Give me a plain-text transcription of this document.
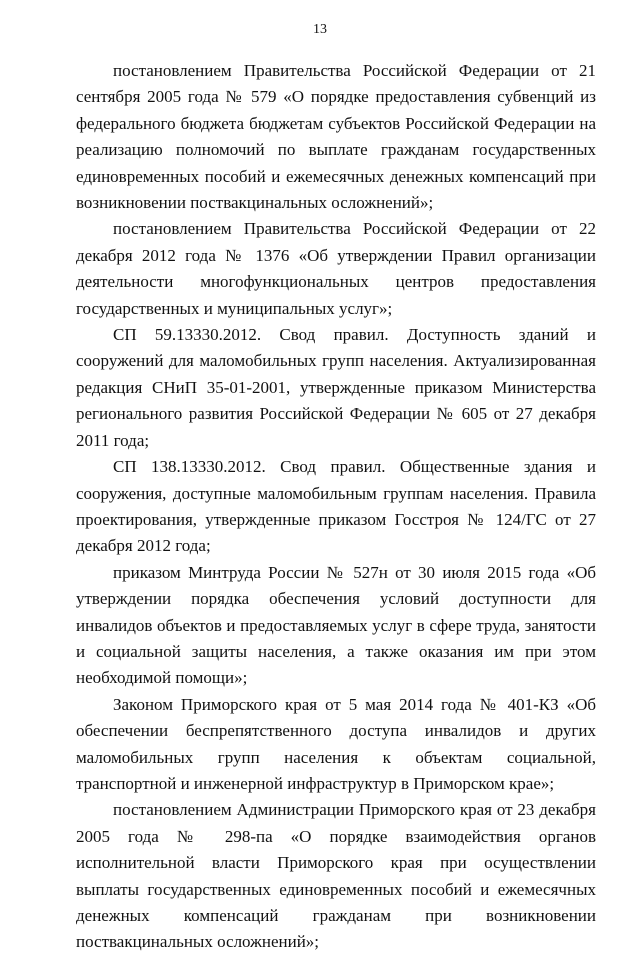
13

постановлением Правительства Российской Федерации от 21 сентября 2005 года № 579 «О порядке предоставления субвенций из федерального бюджета бюджетам субъектов Российской Федерации на реализацию полномочий по выплате гражданам государственных единовременных пособий и ежемесячных денежных компенсаций при возникновении поствакцинальных осложнений»;

постановлением Правительства Российской Федерации от 22 декабря 2012 года № 1376 «Об утверждении Правил организации деятельности многофункциональных центров предоставления государственных и муниципальных услуг»;

СП 59.13330.2012. Свод правил. Доступность зданий и сооружений для маломобильных групп населения. Актуализированная редакция СНиП 35-01-2001, утвержденные приказом Министерства регионального развития Российской Федерации № 605 от 27 декабря 2011 года;

СП 138.13330.2012. Свод правил. Общественные здания и сооружения, доступные маломобильным группам населения. Правила проектирования, утвержденные приказом Госстроя № 124/ГС от 27 декабря 2012 года;

приказом Минтруда России № 527н от 30 июля 2015 года «Об утверждении порядка обеспечения условий доступности для инвалидов объектов и предоставляемых услуг в сфере труда, занятости и социальной защиты населения, а также оказания им при этом необходимой помощи»;

Законом Приморского края от 5 мая 2014 года № 401-КЗ «Об обеспечении беспрепятственного доступа инвалидов и других маломобильных групп населения к объектам социальной, транспортной и инженерной инфраструктур в Приморском крае»;

постановлением Администрации Приморского края от 23 декабря 2005 года № 298-па «О порядке взаимодействия органов исполнительной власти Приморского края при осуществлении выплаты государственных единовременных пособий и ежемесячных денежных компенсаций гражданам при возникновении поствакцинальных осложнений»;
